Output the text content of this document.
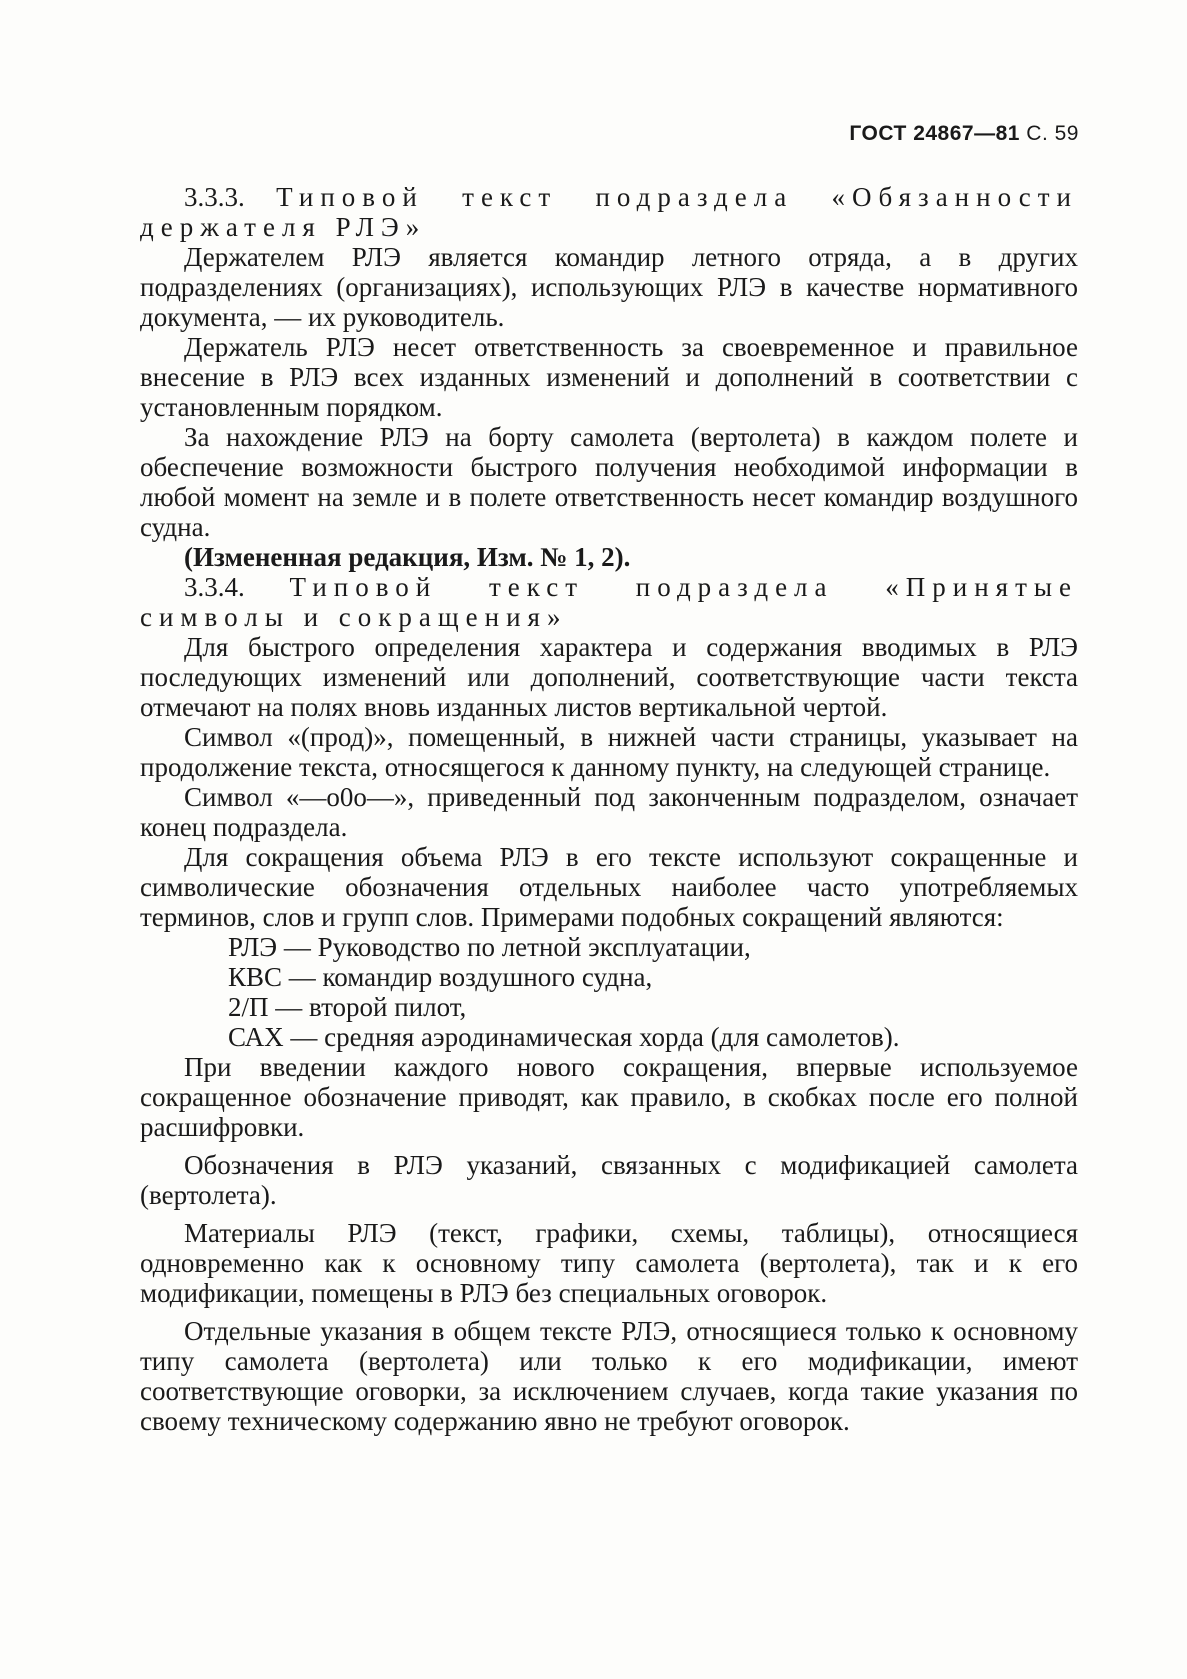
ГОСТ 24867—81 С. 59

3.3.3. Типовой текст подраздела «Обязанности держателя РЛЭ»

Держателем РЛЭ является командир летного отряда, а в других подразделениях (организациях), использующих РЛЭ в качестве нормативного документа, — их руководитель.

Держатель РЛЭ несет ответственность за своевременное и правильное внесение в РЛЭ всех изданных изменений и дополнений в соответствии с установленным порядком.

За нахождение РЛЭ на борту самолета (вертолета) в каждом полете и обеспечение возможности быстрого получения необходимой информации в любой момент на земле и в полете ответственность несет командир воздушного судна.

(Измененная редакция, Изм. № 1, 2).

3.3.4. Типовой текст подраздела «Принятые символы и сокращения»

Для быстрого определения характера и содержания вводимых в РЛЭ последующих изменений или дополнений, соответствующие части текста отмечают на полях вновь изданных листов вертикальной чертой.

Символ «(прод)», помещенный, в нижней части страницы, указывает на продолжение текста, относящегося к данному пункту, на следующей странице.

Символ «—o0o—», приведенный под законченным подразделом, означает конец подраздела.

Для сокращения объема РЛЭ в его тексте используют сокращенные и символические обозначения отдельных наиболее часто употребляемых терминов, слов и групп слов. Примерами подобных сокращений являются:

РЛЭ — Руководство по летной эксплуатации,

КВС — командир воздушного судна,

2/П — второй пилот,

САХ — средняя аэродинамическая хорда (для самолетов).

При введении каждого нового сокращения, впервые используемое сокращенное обозначение приводят, как правило, в скобках после его полной расшифровки.

Обозначения в РЛЭ указаний, связанных с модификацией самолета (вертолета).

Материалы РЛЭ (текст, графики, схемы, таблицы), относящиеся одновременно как к основному типу самолета (вертолета), так и к его модификации, помещены в РЛЭ без специальных оговорок.

Отдельные указания в общем тексте РЛЭ, относящиеся только к основному типу самолета (вертолета) или только к его модификации, имеют соответствующие оговорки, за исключением случаев, когда такие указания по своему техническому содержанию явно не требуют оговорок.
